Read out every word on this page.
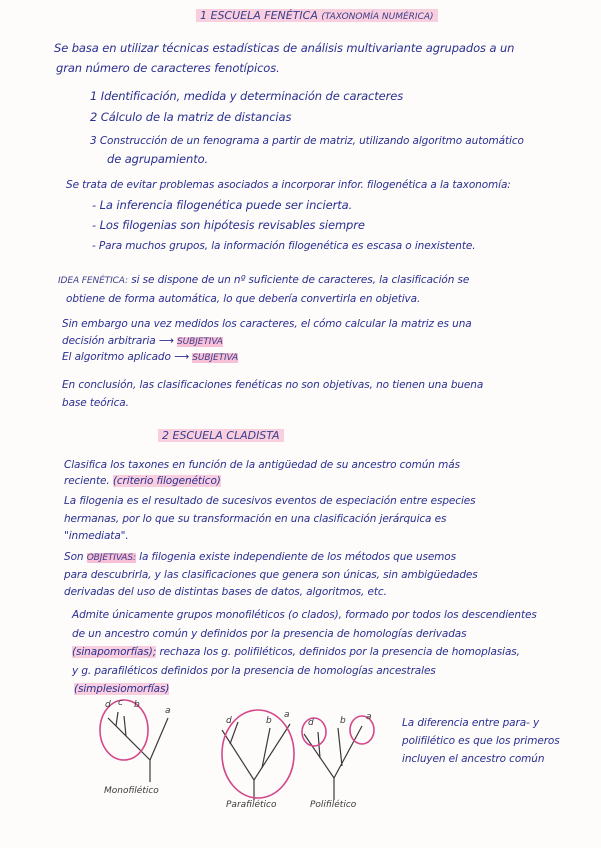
1 ESCUELA FENÉTICA (TAXONOMÍA NUMÉRICA)
Se basa en utilizar técnicas estadísticas de análisis multivariante agrupados a un
gran número de caracteres fenotípicos.
1 Identificación, medida y determinación de caracteres
2 Cálculo de la matriz de distancias
3 Construcción de un fenograma a partir de matriz, utilizando algoritmo automático
de agrupamiento.
Se trata de evitar problemas asociados a incorporar infor. filogenética a la taxonomía:
- La inferencia filogenética puede ser incierta.
- Los filogenias son hipótesis revisables siempre
- Para muchos grupos, la información filogenética es escasa o inexistente.
IDEA FENÉTICA: si se dispone de un nº suficiente de caracteres, la clasificación se
obtiene de forma automática, lo que debería convertirla en objetiva.
Sin embargo una vez medidos los caracteres, el cómo calcular la matriz es una
decisión arbitraria ⟶ SUBJETIVA
El algoritmo aplicado ⟶ SUBJETIVA
En conclusión, las clasificaciones fenéticas no son objetivas, no tienen una buena
base teórica.
2 ESCUELA CLADISTA
Clasifica los taxones en función de la antigüedad de su ancestro común más
reciente. (criterio filogenético)
La filogenia es el resultado de sucesivos eventos de especiación entre especies
hermanas, por lo que su transformación en una clasificación jerárquica es
"inmediata".
Son OBJETIVAS: la filogenia existe independiente de los métodos que usemos
para descubrirla, y las clasificaciones que genera son únicas, sin ambigüedades
derivadas del uso de distintas bases de datos, algoritmos, etc.
Admite únicamente grupos monofiléticos (o clados), formado por todos los descendientes
de un ancestro común y definidos por la presencia de homologías derivadas
(sinapomorfías); rechaza los g. polifiléticos, definidos por la presencia de homoplasias,
y g. parafiléticos definidos por la presencia de homologías ancestrales
(simplesiomorfías)
La diferencia entre para- y
polifilético es que los primeros
incluyen el ancestro común
d c b
a
d	b
a
d	b a
Monofilético
Parafilético	Polifilético
